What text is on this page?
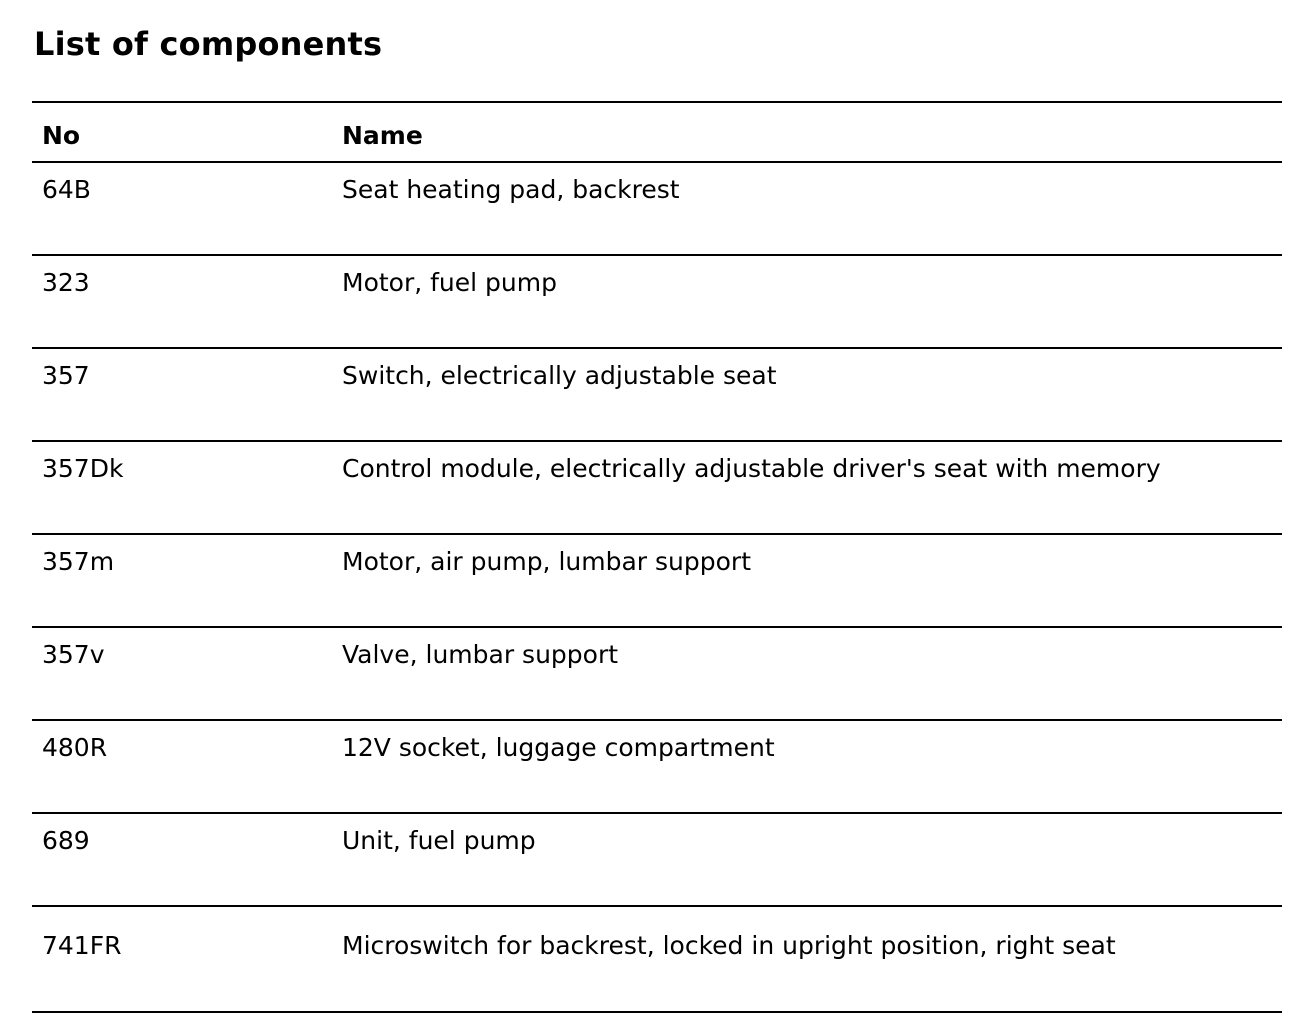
List of components
No	Name
64B	Seat heating pad, backrest
323	Motor, fuel pump
357	Switch, electrically adjustable seat
357Dk	Control module, electrically adjustable driver's seat with memory
357m	Motor, air pump, lumbar support
357v	Valve, lumbar support
480R	12V socket, luggage compartment
689	Unit, fuel pump
741FR	Microswitch for backrest, locked in upright position, right seat
